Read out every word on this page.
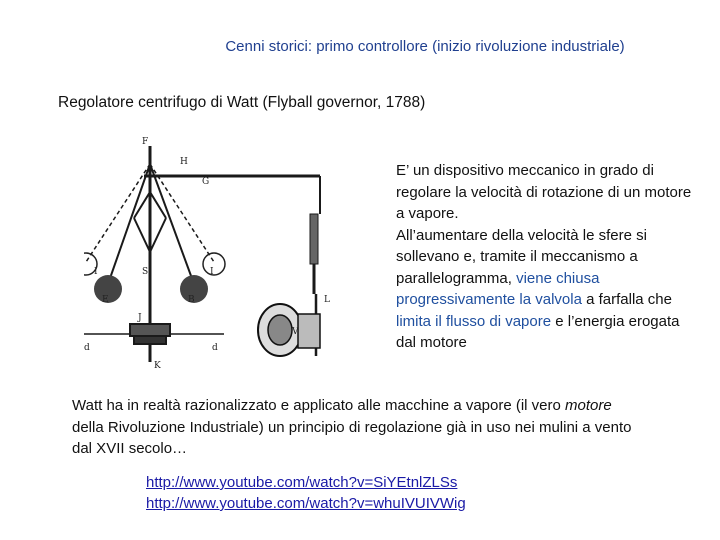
Cenni storici: primo controllore (inizio rivoluzione industriale)
Regolatore centrifugo di Watt (Flyball governor, 1788)
F
H
G
I	I
E	B
S
J
K
L
V
d	d
E’ un dispositivo meccanico in grado di regolare la velocità di rotazione di un motore a vapore.
All’aumentare della velocità le sfere si sollevano e, tramite il meccanismo a parallelogramma, viene chiusa progressivamente la valvola a farfalla che limita il flusso di vapore e l’energia erogata dal motore
Watt ha in realtà razionalizzato e applicato alle macchine a vapore (il vero motore della Rivoluzione Industriale) un principio di regolazione già in uso nei mulini a vento dal XVII secolo…
http://www.youtube.com/watch?v=SiYEtnlZLSs
http://www.youtube.com/watch?v=whuIVUIVWig
